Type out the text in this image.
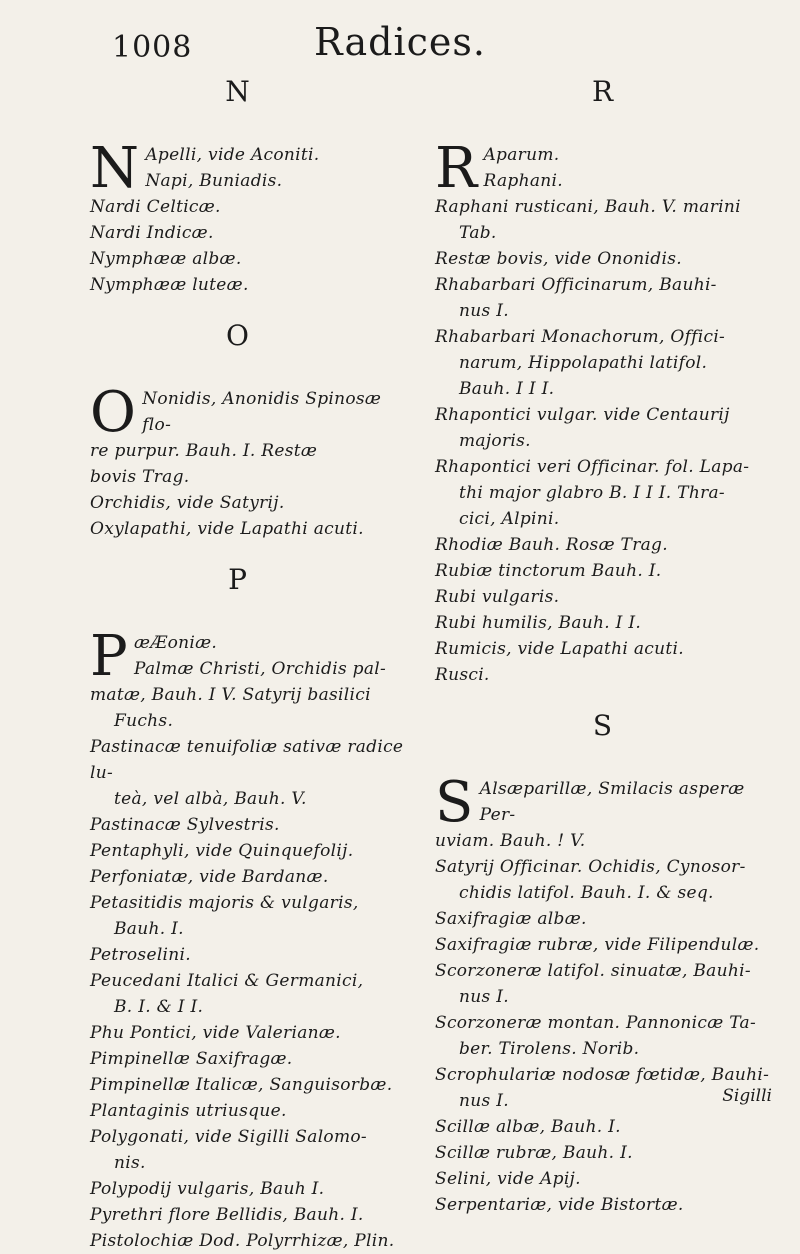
1008	Radices.
N
N Apelli, vide Aconiti.

Napi, Buniadis.

Nardi Celticæ.

Nardi Indicæ.

Nymphææ albæ.

Nymphææ luteæ.

O
O Nonidis, Anonidis Spinosæ flo-

re purpur. Bauh. I. Restæ

bovis Trag.

Orchidis, vide Satyrij.

Oxylapathi, vide Lapathi acuti.

P
P æÆoniæ.

Palmæ Christi, Orchidis pal-

matæ, Bauh. I V. Satyrij basilici

Fuchs.

Pastinacæ tenuifoliæ sativæ radice lu-

teà, vel albà, Bauh. V.

Pastinacæ Sylvestris.

Pentaphyli, vide Quinquefolij.

Perfoniatæ, vide Bardanæ.

Petasitidis majoris & vulgaris,

Bauh. I.

Petroselini.

Peucedani Italici & Germanici,

B. I. & I I.

Phu Pontici, vide Valerianæ.

Pimpinellæ Saxifragæ.

Pimpinellæ Italicæ, Sanguisorbæ.

Plantaginis utriusque.

Polygonati, vide Sigilli Salomo-

nis.

Polypodij vulgaris, Bauh I.

Pyrethri flore Bellidis, Bauh. I.

Pistolochiæ Dod. Polyrrhizæ, Plin.

R
R Aparum.

Raphani.

Raphani rusticani, Bauh. V. marini

Tab.

Restæ bovis, vide Ononidis.

Rhabarbari Officinarum, Bauhi-

nus I.

Rhabarbari Monachorum, Offici-

narum, Hippolapathi latifol.

Bauh. I I I.

Rhapontici vulgar. vide Centaurij

majoris.

Rhapontici veri Officinar. fol. Lapa-

thi major glabro B. I I I. Thra-

cici, Alpini.

Rhodiæ Bauh. Rosæ Trag.

Rubiæ tinctorum Bauh. I.

Rubi vulgaris.

Rubi humilis, Bauh. I I.

Rumicis, vide Lapathi acuti.

Rusci.

S
S Alsæparillæ, Smilacis asperæ Per-

uviam. Bauh. ! V.

Satyrij Officinar. Ochidis, Cynosor-

chidis latifol. Bauh. I. & seq.

Saxifragiæ albæ.

Saxifragiæ rubræ, vide Filipendulæ.

Scorzoneræ latifol. sinuatæ, Bauhi-

nus I.

Scorzoneræ montan. Pannonicæ Ta-

ber. Tirolens. Norib.

Scrophulariæ nodosæ fœtidæ, Bauhi-

nus I.

Scillæ albæ, Bauh. I.

Scillæ rubræ, Bauh. I.

Selini, vide Apij.

Serpentariæ, vide Bistortæ.

Sigilli
